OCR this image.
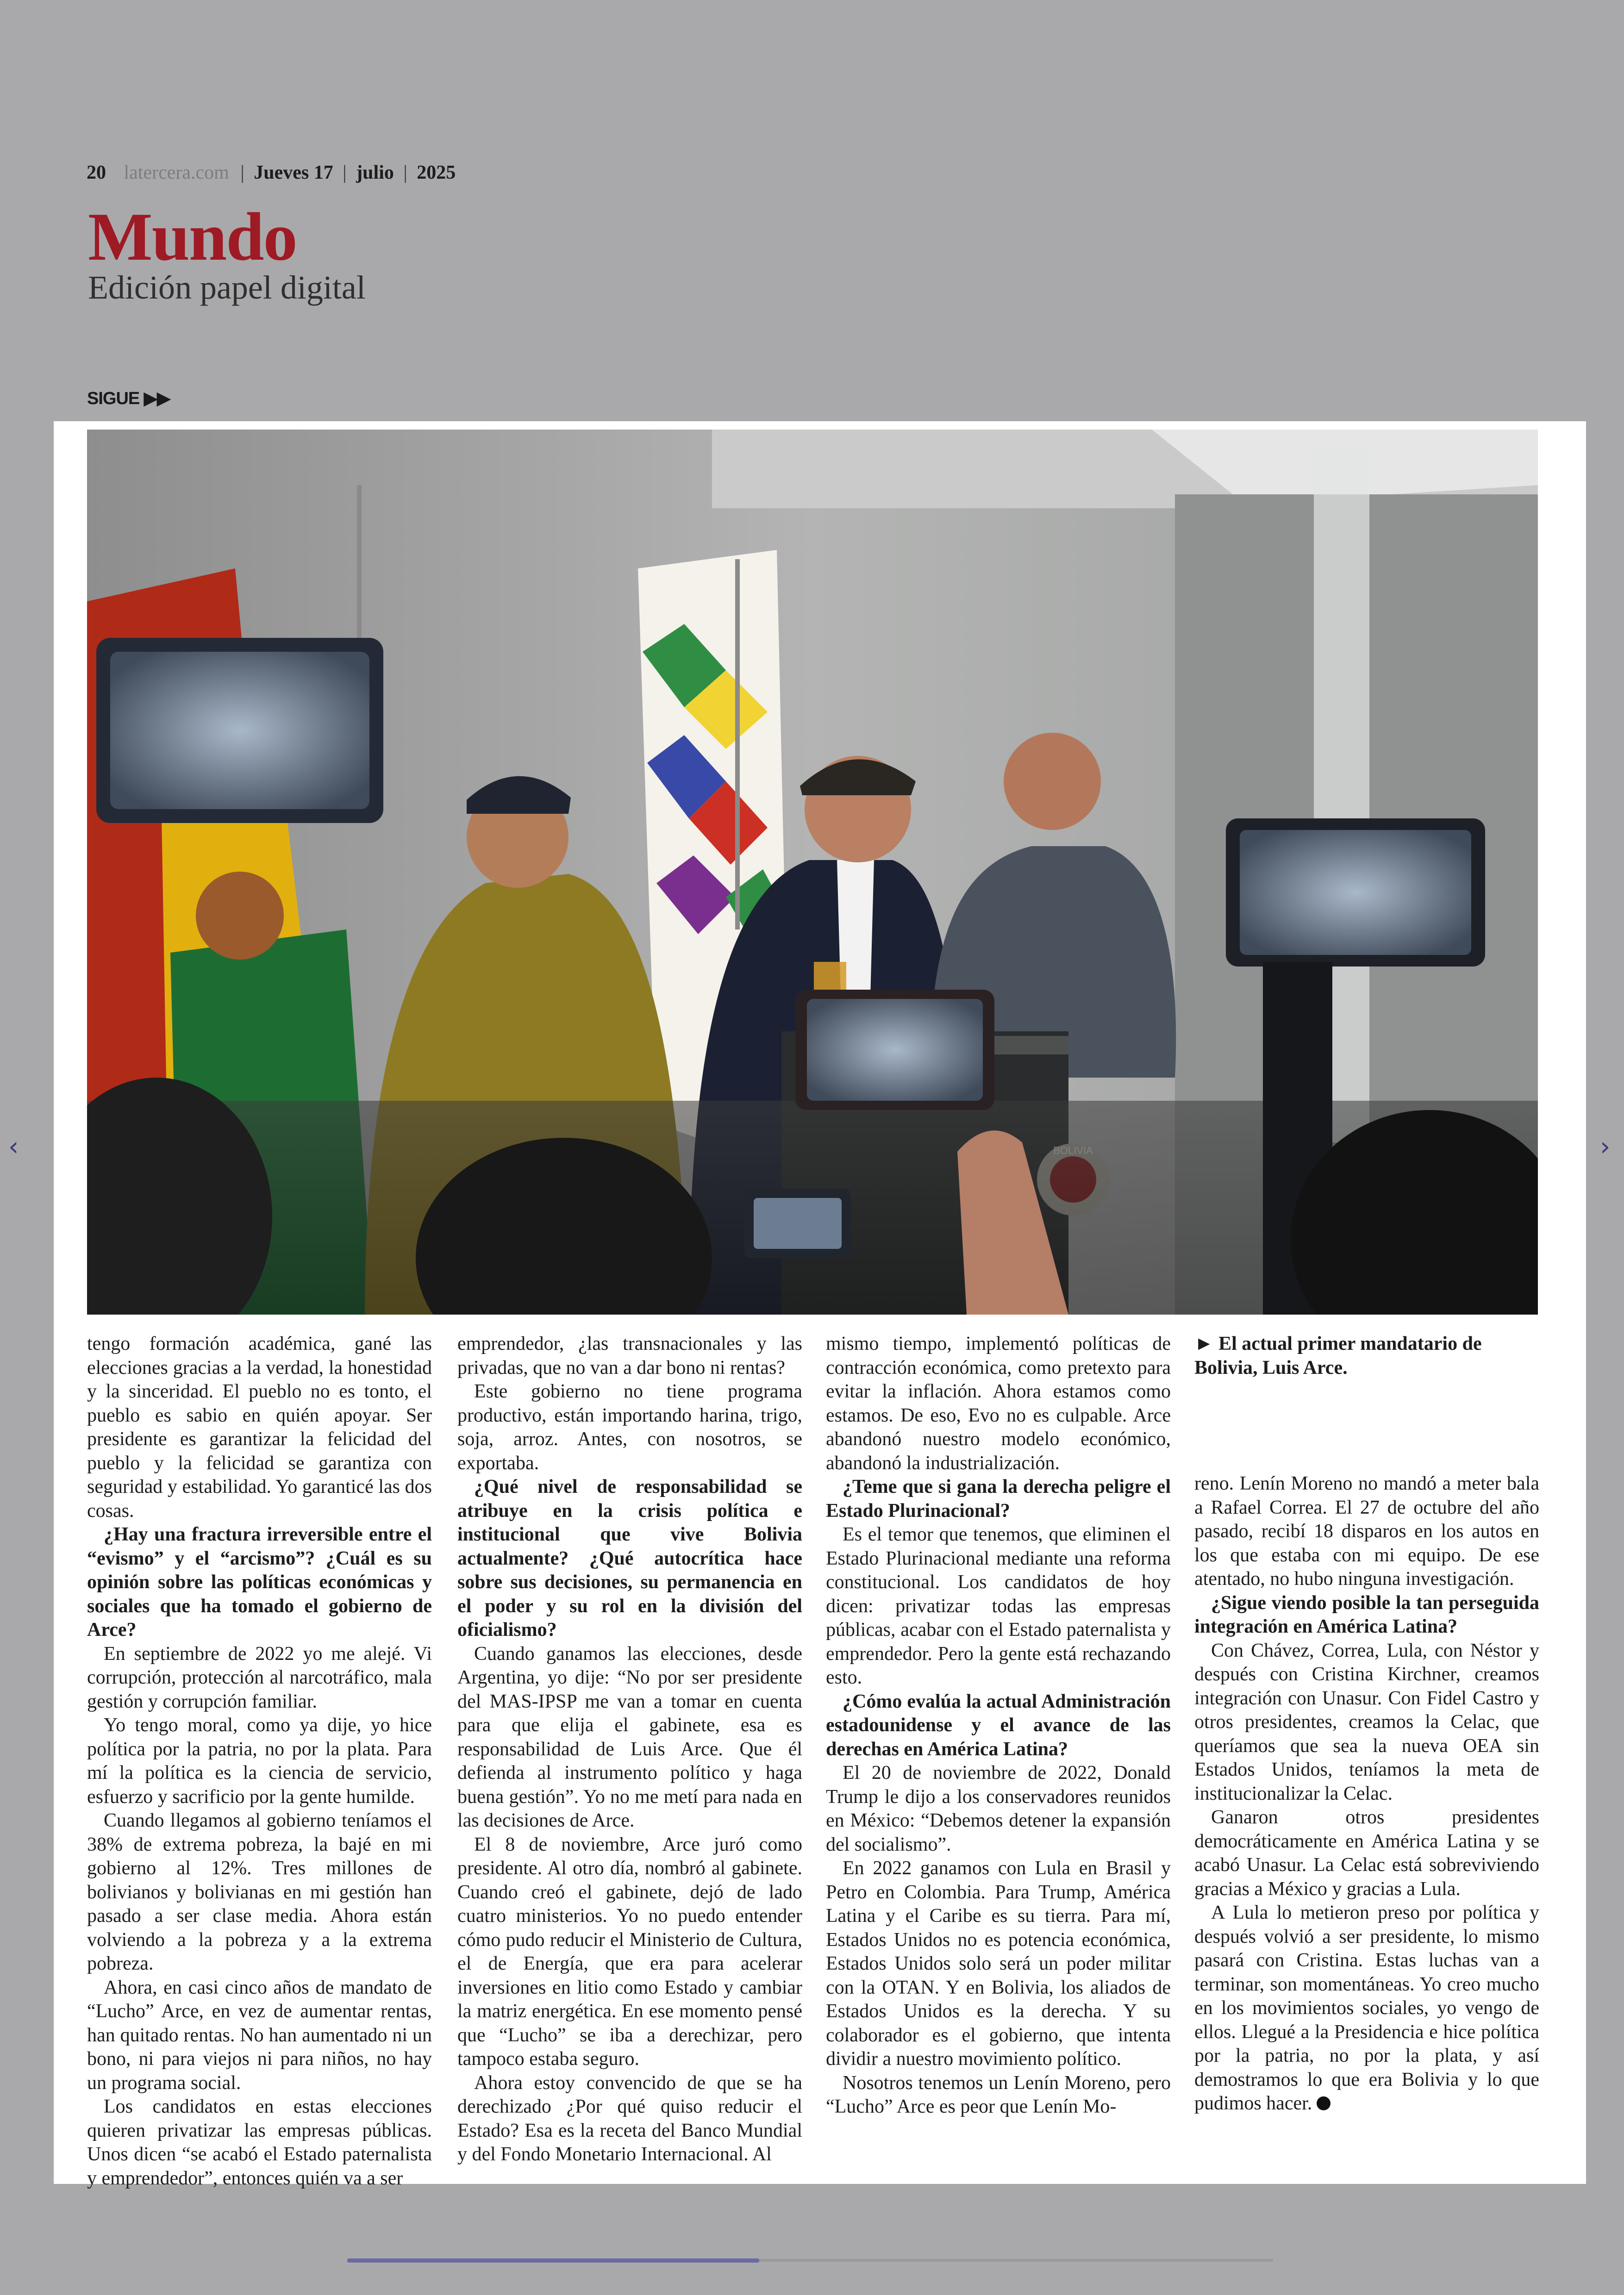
20 latercera.com | Jueves 17 | julio | 2025
Mundo
Edición papel digital
SIGUE ▶▶
‹	›

tengo formación académica, gané las elecciones gracias a la verdad, la honestidad y la sinceridad. El pueblo no es tonto, el pueblo es sabio en quién apoyar. Ser presidente es garantizar la felicidad del pueblo y la felicidad se garantiza con seguridad y estabilidad. Yo garanticé las dos cosas.

¿Hay una fractura irreversible entre el “evismo” y el “arcismo”? ¿Cuál es su opinión sobre las políticas económicas y sociales que ha tomado el gobierno de Arce?

En septiembre de 2022 yo me alejé. Vi corrupción, protección al narcotráfico, mala gestión y corrupción familiar.

Yo tengo moral, como ya dije, yo hice política por la patria, no por la plata. Para mí la política es la ciencia de servicio, esfuerzo y sacrificio por la gente humilde.

Cuando llegamos al gobierno teníamos el 38% de extrema pobreza, la bajé en mi gobierno al 12%. Tres millones de bolivianos y bolivianas en mi gestión han pasado a ser clase media. Ahora están volviendo a la pobreza y a la extrema pobreza.

Ahora, en casi cinco años de mandato de “Lucho” Arce, en vez de aumentar rentas, han quitado rentas. No han aumentado ni un bono, ni para viejos ni para niños, no hay un programa social.

Los candidatos en estas elecciones quieren privatizar las empresas públicas. Unos dicen “se acabó el Estado paternalista y emprendedor”, entonces quién va a ser

emprendedor, ¿las transnacionales y las privadas, que no van a dar bono ni rentas?

Este gobierno no tiene programa productivo, están importando harina, trigo, soja, arroz. Antes, con nosotros, se exportaba.

¿Qué nivel de responsabilidad se atribuye en la crisis política e institucional que vive Bolivia actualmente? ¿Qué autocrítica hace sobre sus decisiones, su permanencia en el poder y su rol en la división del oficialismo?

Cuando ganamos las elecciones, desde Argentina, yo dije: “No por ser presidente del MAS-IPSP me van a tomar en cuenta para que elija el gabinete, esa es responsabilidad de Luis Arce. Que él defienda al instrumento político y haga buena gestión”. Yo no me metí para nada en las decisiones de Arce.

El 8 de noviembre, Arce juró como presidente. Al otro día, nombró al gabinete. Cuando creó el gabinete, dejó de lado cuatro ministerios. Yo no puedo entender cómo pudo reducir el Ministerio de Cultura, el de Energía, que era para acelerar inversiones en litio como Estado y cambiar la matriz energética. En ese momento pensé que “Lucho” se iba a derechizar, pero tampoco estaba seguro.

Ahora estoy convencido de que se ha derechizado ¿Por qué quiso reducir el Estado? Esa es la receta del Banco Mundial y del Fondo Monetario Internacional. Al

mismo tiempo, implementó políticas de contracción económica, como pretexto para evitar la inflación. Ahora estamos como estamos. De eso, Evo no es culpable. Arce abandonó nuestro modelo económico, abandonó la industrialización.

¿Teme que si gana la derecha peligre el Estado Plurinacional?

Es el temor que tenemos, que eliminen el Estado Plurinacional mediante una reforma constitucional. Los candidatos de hoy dicen: privatizar todas las empresas públicas, acabar con el Estado paternalista y emprendedor. Pero la gente está rechazando esto.

¿Cómo evalúa la actual Administración estadounidense y el avance de las derechas en América Latina?

El 20 de noviembre de 2022, Donald Trump le dijo a los conservadores reunidos en México: “Debemos detener la expansión del socialismo”.

En 2022 ganamos con Lula en Brasil y Petro en Colombia. Para Trump, América Latina y el Caribe es su tierra. Para mí, Estados Unidos no es potencia económica, Estados Unidos solo será un poder militar con la OTAN. Y en Bolivia, los aliados de Estados Unidos es la derecha. Y su colaborador es el gobierno, que intenta dividir a nuestro movimiento político.

Nosotros tenemos un Lenín Moreno, pero “Lucho” Arce es peor que Lenín Mo-

► El actual primer mandatario de Bolivia, Luis Arce.

reno. Lenín Moreno no mandó a meter bala a Rafael Correa. El 27 de octubre del año pasado, recibí 18 disparos en los autos en los que estaba con mi equipo. De ese atentado, no hubo ninguna investigación.

¿Sigue viendo posible la tan perseguida integración en América Latina?

Con Chávez, Correa, Lula, con Néstor y después con Cristina Kirchner, creamos integración con Unasur. Con Fidel Castro y otros presidentes, creamos la Celac, que queríamos que sea la nueva OEA sin Estados Unidos, teníamos la meta de institucionalizar la Celac.

Ganaron otros presidentes democráticamente en América Latina y se acabó Unasur. La Celac está sobreviviendo gracias a México y gracias a Lula.

A Lula lo metieron preso por política y después volvió a ser presidente, lo mismo pasará con Cristina. Estas luchas van a terminar, son momentáneas. Yo creo mucho en los movimientos sociales, yo vengo de ellos. Llegué a la Presidencia e hice política por la patria, no por la plata, y así demostramos lo que era Bolivia y lo que pudimos hacer.
